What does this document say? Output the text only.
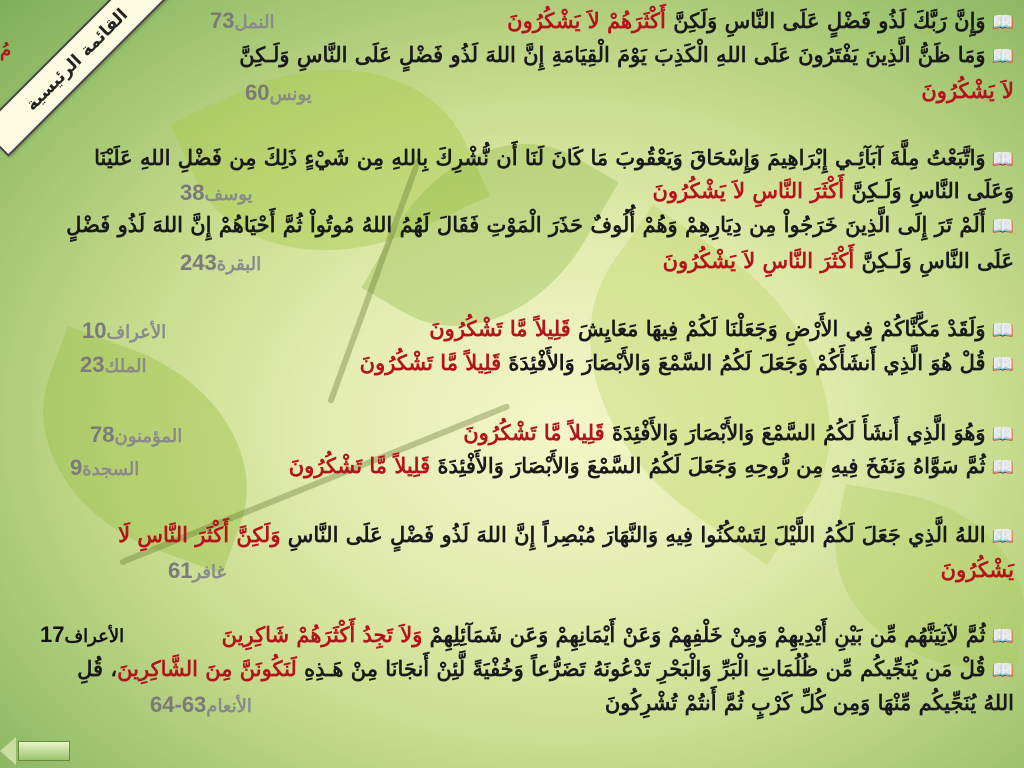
مُ القائمة الرئيسية	📖وَإِنَّ رَبَّكَ لَذُو فَضْلٍ عَلَى النَّاسِ وَلَكِنَّ أَكْثَرَهُمْ لاَ يَشْكُرُونَ
النمل73
📖وَمَا ظَنُّ الَّذِينَ يَفْتَرُونَ عَلَى اللهِ الْكَذِبَ يَوْمَ الْقِيَامَةِ إِنَّ اللهَ لَذُو فَضْلٍ عَلَى النَّاسِ وَلَـكِنَّ
لاَ يَشْكُرُونَ
يونس60
📖وَاتَّبَعْتُ مِلَّةَ آبَآئِـي إِبْرَاهِيمَ وَإِسْحَاقَ وَيَعْقُوبَ مَا كَانَ لَنَا أَن نُّشْرِكَ بِاللهِ مِن شَيْءٍ ذَلِكَ مِن فَضْلِ اللهِ عَلَيْنَا
وَعَلَى النَّاسِ وَلَـكِنَّ أَكْثَرَ النَّاسِ لاَ يَشْكُرُونَ
يوسف38
📖أَلَمْ تَرَ إِلَى الَّذِينَ خَرَجُواْ مِن دِيَارِهِمْ وَهُمْ أُلُوفٌ حَذَرَ الْمَوْتِ فَقَالَ لَهُمُ اللهُ مُوتُواْ ثُمَّ أَحْيَاهُمْ إِنَّ اللهَ لَذُو فَضْلٍ
عَلَى النَّاسِ وَلَـكِنَّ أَكْثَرَ النَّاسِ لاَ يَشْكُرُونَ
البقرة243
📖وَلَقَدْ مَكَّنَّاكُمْ فِي الأَرْضِ وَجَعَلْنَا لَكُمْ فِيهَا مَعَايِشَ قَلِيلاً مَّا تَشْكُرُونَ
الأعراف10
📖قُلْ هُوَ الَّذِي أَنشَأَكُمْ وَجَعَلَ لَكُمُ السَّمْعَ وَالأَبْصَارَ وَالأَفْئِدَةَ قَلِيلاً مَّا تَشْكُرُونَ
الملك23
📖وَهُوَ الَّذِي أَنشَأَ لَكُمُ السَّمْعَ وَالأَبْصَارَ وَالأَفْئِدَةَ قَلِيلاً مَّا تَشْكُرُونَ
المؤمنون78
📖ثُمَّ سَوَّاهُ وَنَفَخَ فِيهِ مِن رُّوحِهِ وَجَعَلَ لَكُمُ السَّمْعَ وَالأَبْصَارَ وَالأَفْئِدَةَ قَلِيلاً مَّا تَشْكُرُونَ
السجدة9
📖اللهُ الَّذِي جَعَلَ لَكُمُ اللَّيْلَ لِتَسْكُنُوا فِيهِ وَالنَّهَارَ مُبْصِراً إِنَّ اللهَ لَذُو فَضْلٍ عَلَى النَّاسِ وَلَكِنَّ أَكْثَرَ النَّاسِ لَا
يَشْكُرُونَ
غافر61
📖ثُمَّ لآتِيَنَّهُم مِّن بَيْنِ أَيْدِيهِمْ وَمِنْ خَلْفِهِمْ وَعَنْ أَيْمَانِهِمْ وَعَن شَمَآئِلِهِمْ وَلاَ تَجِدُ أَكْثَرَهُمْ شَاكِرِينَ
الأعراف17
📖قُلْ مَن يُنَجِّيكُم مِّن ظُلُمَاتِ الْبَرِّ وَالْبَحْرِ تَدْعُونَهُ تَضَرُّعاً وَخُفْيَةً لَّئِنْ أَنجَانَا مِنْ هَـذِهِ لَنَكُونَنَّ مِنَ الشَّاكِرِينَ، قُلِ
اللهُ يُنَجِّيكُم مِّنْهَا وَمِن كُلِّ كَرْبٍ ثُمَّ أَنتُمْ تُشْرِكُونَ
الأنعام63-64
